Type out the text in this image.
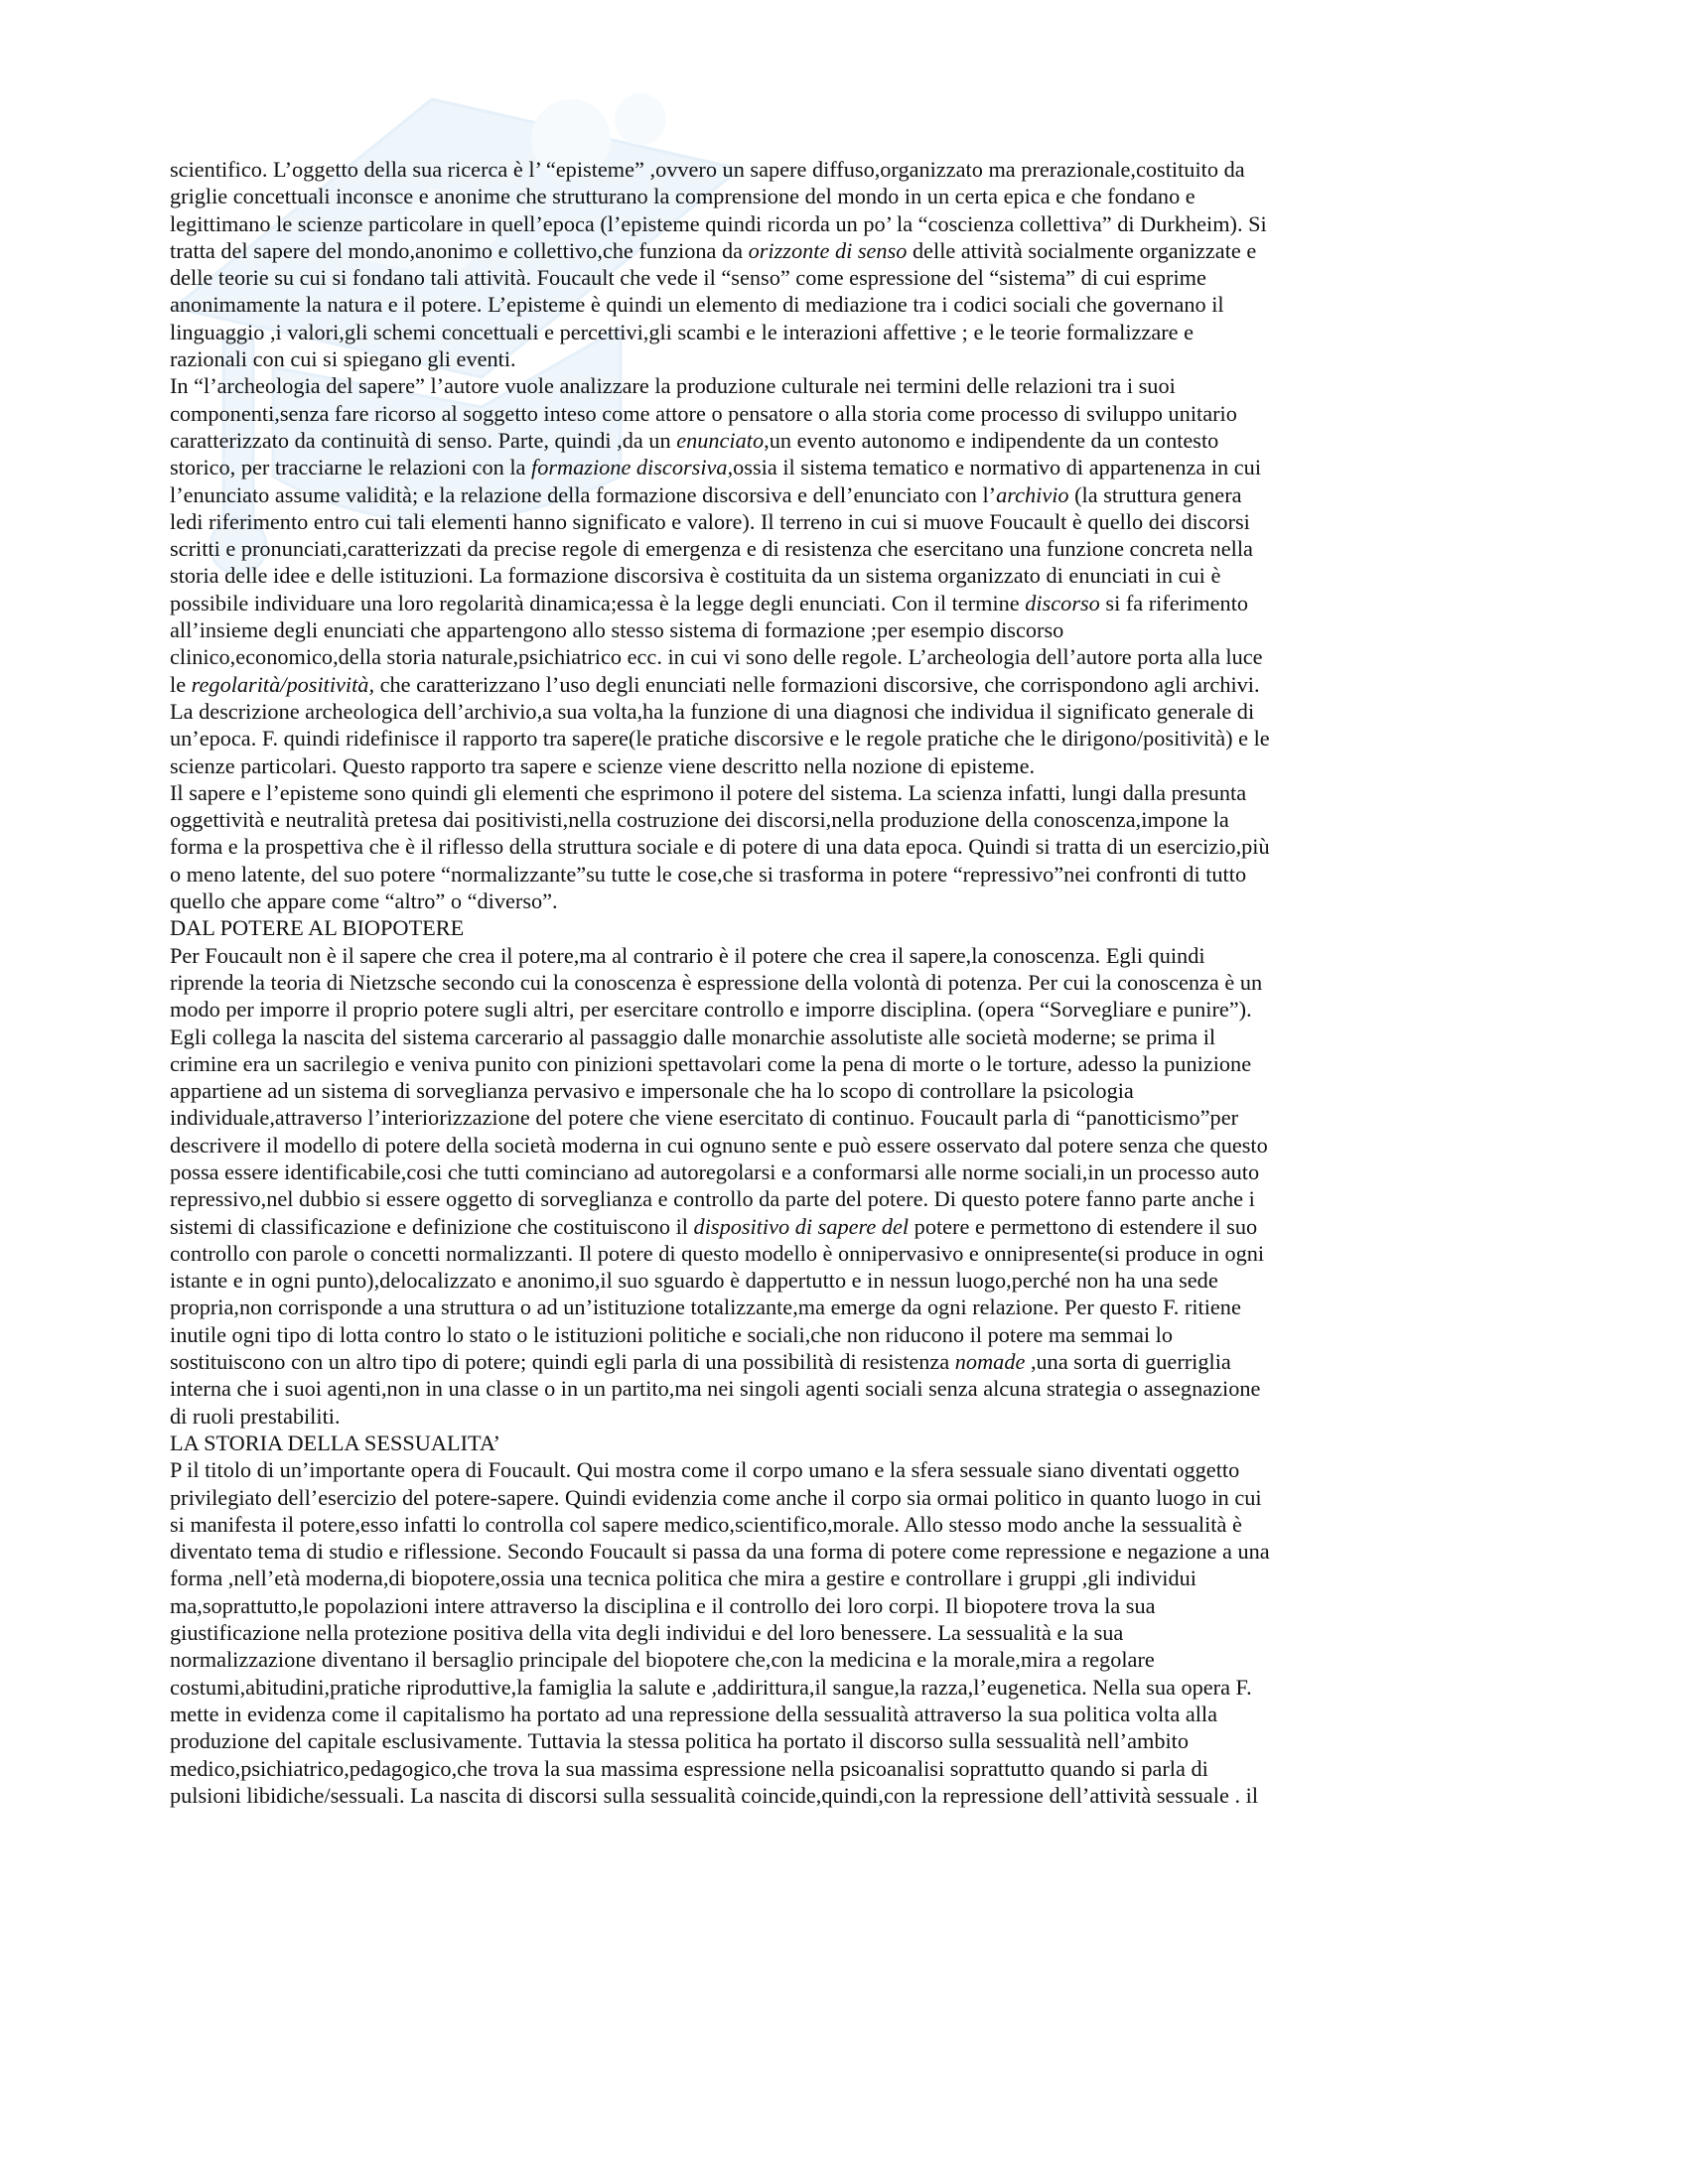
scientifico. L’oggetto della sua ricerca è l’ “episteme” ,ovvero un sapere diffuso,organizzato ma prerazionale,costituito da
griglie concettuali inconsce e anonime che strutturano la comprensione del mondo in un certa epica e che fondano e
legittimano le scienze particolare in quell’epoca (l’episteme quindi ricorda un po’ la “coscienza collettiva” di Durkheim). Si
tratta del sapere del mondo,anonimo e collettivo,che funziona da orizzonte di senso delle attività socialmente organizzate e
delle teorie su cui si fondano tali attività. Foucault che vede il “senso” come espressione del “sistema” di cui esprime
anonimamente la natura e il potere. L’episteme è quindi un elemento di mediazione tra i codici sociali che governano il
linguaggio ,i valori,gli schemi concettuali e percettivi,gli scambi e le interazioni affettive ; e le teorie formalizzare e
razionali con cui si spiegano gli eventi.
In “l’archeologia del sapere” l’autore vuole analizzare la produzione culturale nei termini delle relazioni tra i suoi
componenti,senza fare ricorso al soggetto inteso come attore o pensatore o alla storia come processo di sviluppo unitario
caratterizzato da continuità di senso. Parte, quindi ,da un enunciato,un evento autonomo e indipendente da un contesto
storico, per tracciarne le relazioni con la formazione discorsiva,ossia il sistema tematico e normativo di appartenenza in cui
l’enunciato assume validità; e la relazione della formazione discorsiva e dell’enunciato con l’archivio (la struttura genera
ledi riferimento entro cui tali elementi hanno significato e valore). Il terreno in cui si muove Foucault è quello dei discorsi
scritti e pronunciati,caratterizzati da precise regole di emergenza e di resistenza che esercitano una funzione concreta nella
storia delle idee e delle istituzioni. La formazione discorsiva è costituita da un sistema organizzato di enunciati in cui è
possibile individuare una loro regolarità dinamica;essa è la legge degli enunciati. Con il termine discorso si fa riferimento
all’insieme degli enunciati che appartengono allo stesso sistema di formazione ;per esempio discorso
clinico,economico,della storia naturale,psichiatrico ecc. in cui vi sono delle regole. L’archeologia dell’autore porta alla luce
le regolarità/positività, che caratterizzano l’uso degli enunciati nelle formazioni discorsive, che corrispondono agli archivi.
La descrizione archeologica dell’archivio,a sua volta,ha la funzione di una diagnosi che individua il significato generale di
un’epoca. F. quindi ridefinisce il rapporto tra sapere(le pratiche discorsive e le regole pratiche che le dirigono/positività) e le
scienze particolari. Questo rapporto tra sapere e scienze viene descritto nella nozione di episteme.
Il sapere e l’episteme sono quindi gli elementi che esprimono il potere del sistema. La scienza infatti, lungi dalla presunta
oggettività e neutralità pretesa dai positivisti,nella costruzione dei discorsi,nella produzione della conoscenza,impone la
forma e la prospettiva che è il riflesso della struttura sociale e di potere di una data epoca. Quindi si tratta di un esercizio,più
o meno latente, del suo potere “normalizzante”su tutte le cose,che si trasforma in potere “repressivo”nei confronti di tutto
quello che appare come “altro” o “diverso”.
DAL POTERE AL BIOPOTERE
Per Foucault non è il sapere che crea il potere,ma al contrario è il potere che crea il sapere,la conoscenza. Egli quindi
riprende la teoria di Nietzsche secondo cui la conoscenza è espressione della volontà di potenza. Per cui la conoscenza è un
modo per imporre il proprio potere sugli altri, per esercitare controllo e imporre disciplina. (opera “Sorvegliare e punire”).
Egli collega la nascita del sistema carcerario al passaggio dalle monarchie assolutiste alle società moderne; se prima il
crimine era un sacrilegio e veniva punito con pinizioni spettavolari come la pena di morte o le torture, adesso la punizione
appartiene ad un sistema di sorveglianza pervasivo e impersonale che ha lo scopo di controllare la psicologia
individuale,attraverso l’interiorizzazione del potere che viene esercitato di continuo. Foucault parla di “panotticismo”per
descrivere il modello di potere della società moderna in cui ognuno sente e può essere osservato dal potere senza che questo
possa essere identificabile,cosi che tutti cominciano ad autoregolarsi e a conformarsi alle norme sociali,in un processo auto
repressivo,nel dubbio si essere oggetto di sorveglianza e controllo da parte del potere. Di questo potere fanno parte anche i
sistemi di classificazione e definizione che costituiscono il dispositivo di sapere del potere e permettono di estendere il suo
controllo con parole o concetti normalizzanti. Il potere di questo modello è onnipervasivo e onnipresente(si produce in ogni
istante e in ogni punto),delocalizzato e anonimo,il suo sguardo è dappertutto e in nessun luogo,perché non ha una sede
propria,non corrisponde a una struttura o ad un’istituzione totalizzante,ma emerge da ogni relazione. Per questo F. ritiene
inutile ogni tipo di lotta contro lo stato o le istituzioni politiche e sociali,che non riducono il potere ma semmai lo
sostituiscono con un altro tipo di potere; quindi egli parla di una possibilità di resistenza nomade ,una sorta di guerriglia
interna che i suoi agenti,non in una classe o in un partito,ma nei singoli agenti sociali senza alcuna strategia o assegnazione
di ruoli prestabiliti.
LA STORIA DELLA SESSUALITA’
P il titolo di un’importante opera di Foucault. Qui mostra come il corpo umano e la sfera sessuale siano diventati oggetto
privilegiato dell’esercizio del potere-sapere. Quindi evidenzia come anche il corpo sia ormai politico in quanto luogo in cui
si manifesta il potere,esso infatti lo controlla col sapere medico,scientifico,morale. Allo stesso modo anche la sessualità è
diventato tema di studio e riflessione. Secondo Foucault si passa da una forma di potere come repressione e negazione a una
forma ,nell’età moderna,di biopotere,ossia una tecnica politica che mira a gestire e controllare i gruppi ,gli individui
ma,soprattutto,le popolazioni intere attraverso la disciplina e il controllo dei loro corpi. Il biopotere trova la sua
giustificazione nella protezione positiva della vita degli individui e del loro benessere. La sessualità e la sua
normalizzazione diventano il bersaglio principale del biopotere che,con la medicina e la morale,mira a regolare
costumi,abitudini,pratiche riproduttive,la famiglia la salute e ,addirittura,il sangue,la razza,l’eugenetica. Nella sua opera F.
mette in evidenza come il capitalismo ha portato ad una repressione della sessualità attraverso la sua politica volta alla
produzione del capitale esclusivamente. Tuttavia la stessa politica ha portato il discorso sulla sessualità nell’ambito
medico,psichiatrico,pedagogico,che trova la sua massima espressione nella psicoanalisi soprattutto quando si parla di
pulsioni libidiche/sessuali. La nascita di discorsi sulla sessualità coincide,quindi,con la repressione dell’attività sessuale . il
